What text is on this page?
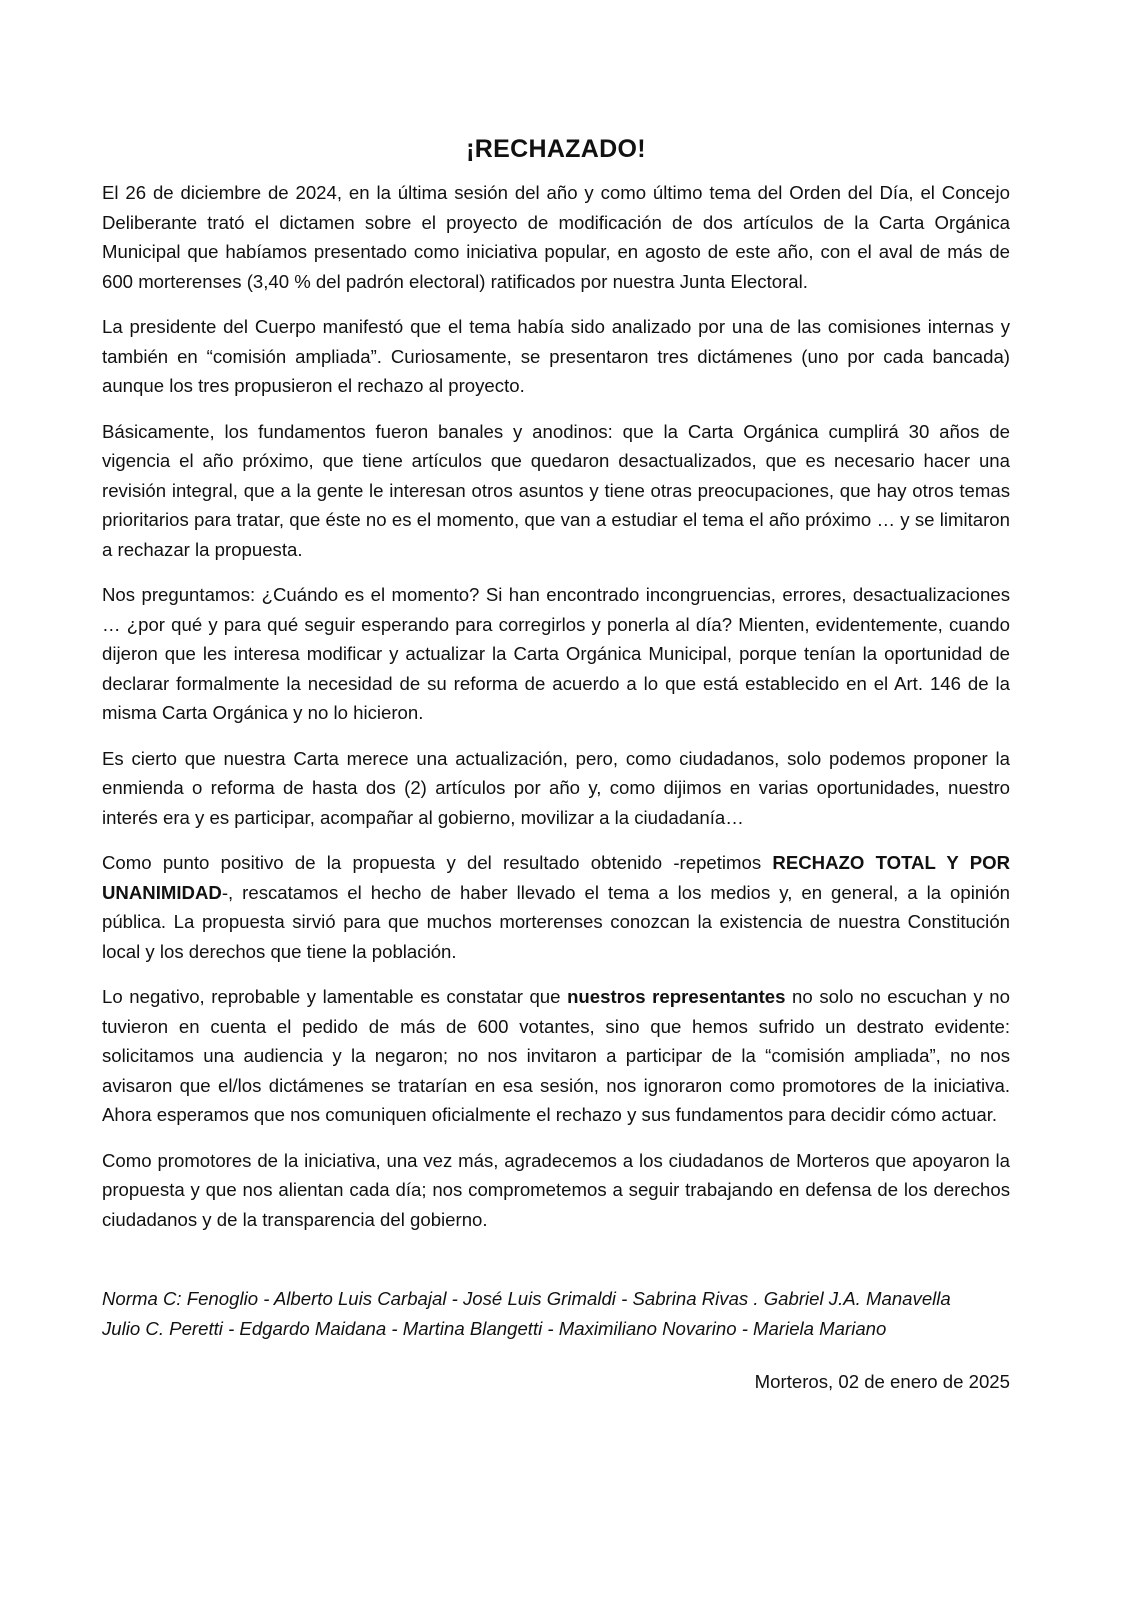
¡RECHAZADO!

El 26 de diciembre de 2024, en la última sesión del año y como último tema del Orden del Día, el Concejo Deliberante trató el dictamen sobre el proyecto de modificación de dos artículos de la Carta Orgánica Municipal que habíamos presentado como iniciativa popular, en agosto de este año, con el aval de más de 600 morterenses (3,40 % del padrón electoral) ratificados por nuestra Junta Electoral.

La presidente del Cuerpo manifestó que el tema había sido analizado por una de las comisiones internas y también en “comisión ampliada”. Curiosamente, se presentaron tres dictámenes (uno por cada bancada) aunque los tres propusieron el rechazo al proyecto.

Básicamente, los fundamentos fueron banales y anodinos: que la Carta Orgánica cumplirá 30 años de vigencia el año próximo, que tiene artículos que quedaron desactualizados, que es necesario hacer una revisión integral, que a la gente le interesan otros asuntos y tiene otras preocupaciones, que hay otros temas prioritarios para tratar, que éste no es el momento, que van a estudiar el tema el año próximo … y se limitaron a rechazar la propuesta.

Nos preguntamos: ¿Cuándo es el momento? Si han encontrado incongruencias, errores, desactualizaciones … ¿por qué y para qué seguir esperando para corregirlos y ponerla al día? Mienten, evidentemente, cuando dijeron que les interesa modificar y actualizar la Carta Orgánica Municipal, porque tenían la oportunidad de declarar formalmente la necesidad de su reforma de acuerdo a lo que está establecido en el Art. 146 de la misma Carta Orgánica y no lo hicieron.

Es cierto que nuestra Carta merece una actualización, pero, como ciudadanos, solo podemos proponer la enmienda o reforma de hasta dos (2) artículos por año y, como dijimos en varias oportunidades, nuestro interés era y es participar, acompañar al gobierno, movilizar a la ciudadanía…

Como punto positivo de la propuesta y del resultado obtenido -repetimos RECHAZO TOTAL Y POR UNANIMIDAD-, rescatamos el hecho de haber llevado el tema a los medios y, en general, a la opinión pública. La propuesta sirvió para que muchos morterenses conozcan la existencia de nuestra Constitución local y los derechos que tiene la población.

Lo negativo, reprobable y lamentable es constatar que nuestros representantes no solo no escuchan y no tuvieron en cuenta el pedido de más de 600 votantes, sino que hemos sufrido un destrato evidente: solicitamos una audiencia y la negaron; no nos invitaron a participar de la “comisión ampliada”, no nos avisaron que el/los dictámenes se tratarían en esa sesión, nos ignoraron como promotores de la iniciativa. Ahora esperamos que nos comuniquen oficialmente el rechazo y sus fundamentos para decidir cómo actuar.

Como promotores de la iniciativa, una vez más, agradecemos a los ciudadanos de Morteros que apoyaron la propuesta y que nos alientan cada día; nos comprometemos a seguir trabajando en defensa de los derechos ciudadanos y de la transparencia del gobierno.

Norma C: Fenoglio - Alberto Luis Carbajal - José Luis Grimaldi - Sabrina Rivas . Gabriel J.A. Manavella
Julio C. Peretti - Edgardo Maidana - Martina Blangetti - Maximiliano Novarino - Mariela Mariano
Morteros, 02 de enero de 2025
